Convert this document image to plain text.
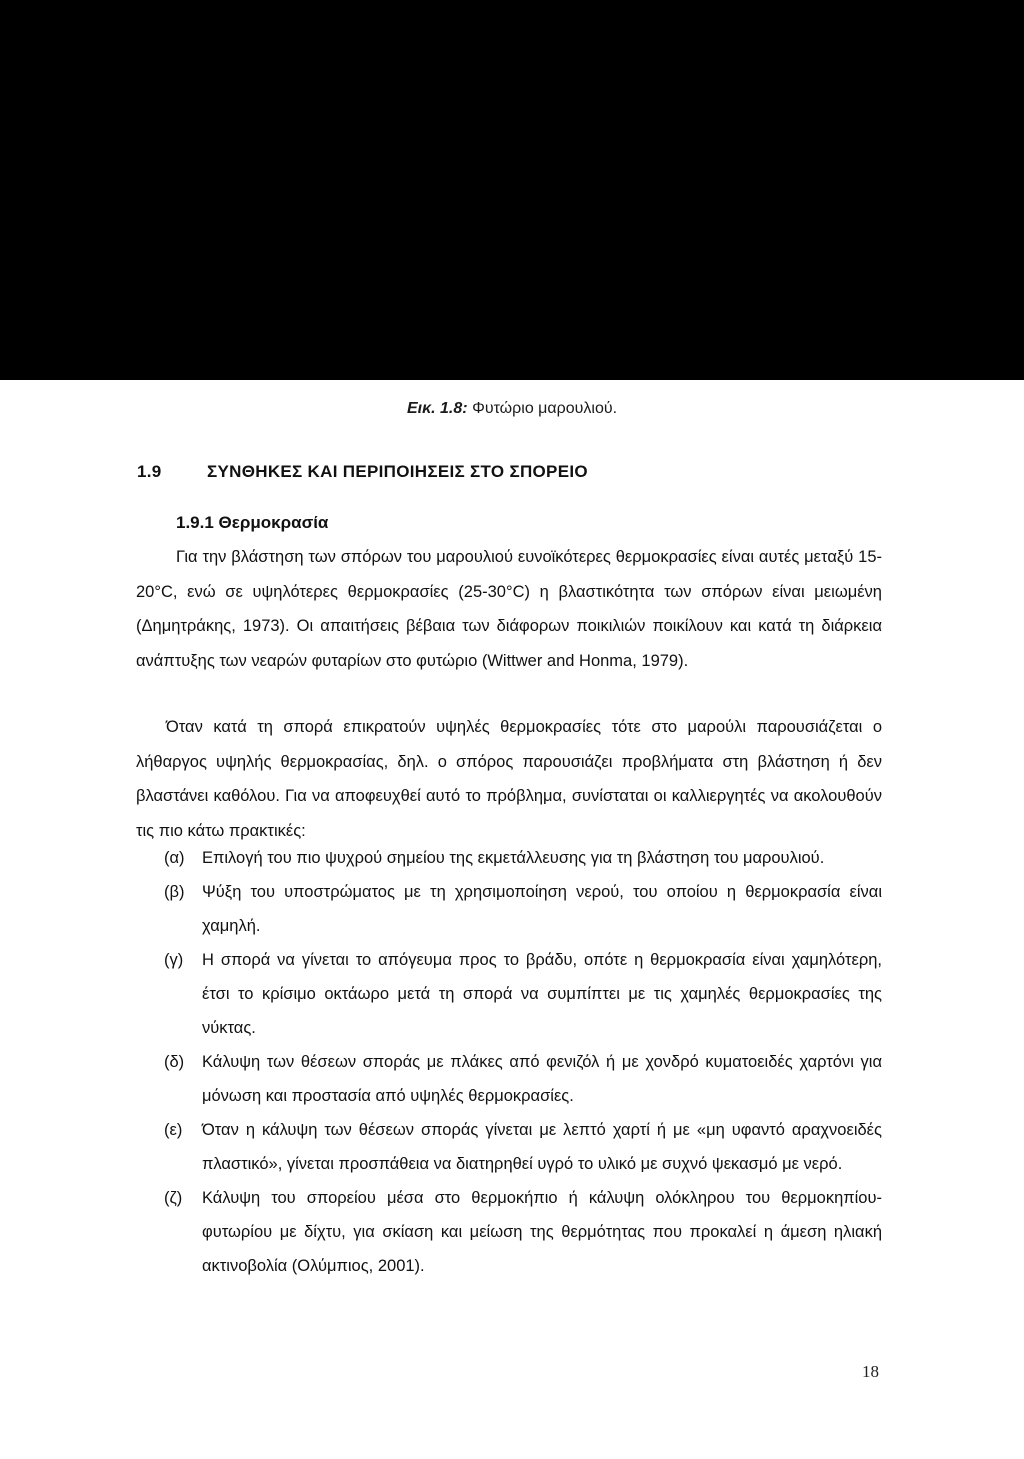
Εικ. 1.8: Φυτώριο μαρουλιού.
1.9	ΣΥΝΘΗΚΕΣ ΚΑΙ ΠΕΡΙΠΟΙΗΣΕΙΣ ΣΤΟ ΣΠΟΡΕΙΟ
1.9.1 Θερμοκρασία

Για την βλάστηση των σπόρων του μαρουλιού ευνοϊκότερες θερμοκρασίες είναι αυτές μεταξύ 15-20°C, ενώ σε υψηλότερες θερμοκρασίες (25-30°C) η βλαστικότητα των σπόρων είναι μειωμένη (Δημητράκης, 1973). Οι απαιτήσεις βέβαια των διάφορων ποικιλιών ποικίλουν και κατά τη διάρκεια ανάπτυξης των νεαρών φυταρίων στο φυτώριο (Wittwer and Honma, 1979).

Όταν κατά τη σπορά επικρατούν υψηλές θερμοκρασίες τότε στο μαρούλι παρουσιάζεται ο λήθαργος υψηλής θερμοκρασίας, δηλ. ο σπόρος παρουσιάζει προβλήματα στη βλάστηση ή δεν βλαστάνει καθόλου. Για να αποφευχθεί αυτό το πρόβλημα, συνίσταται οι καλλιεργητές να ακολουθούν τις πιο κάτω πρακτικές:

(α) Επιλογή του πιο ψυχρού σημείου της εκμετάλλευσης για τη βλάστηση του μαρουλιού.
(β) Ψύξη του υποστρώματος με τη χρησιμοποίηση νερού, του οποίου η θερμοκρασία είναι χαμηλή.
(γ) Η σπορά να γίνεται το απόγευμα προς το βράδυ, οπότε η θερμοκρασία είναι χαμηλότερη, έτσι το κρίσιμο οκτάωρο μετά τη σπορά να συμπίπτει με τις χαμηλές θερμοκρασίες της νύκτας.
(δ) Κάλυψη των θέσεων σποράς με πλάκες από φενιζόλ ή με χονδρό κυματοειδές χαρτόνι για μόνωση και προστασία από υψηλές θερμοκρασίες.
(ε) Όταν η κάλυψη των θέσεων σποράς γίνεται με λεπτό χαρτί ή με «μη υφαντό αραχνοειδές πλαστικό», γίνεται προσπάθεια να διατηρηθεί υγρό το υλικό με συχνό ψεκασμό με νερό.
(ζ) Κάλυψη του σπορείου μέσα στο θερμοκήπιο ή κάλυψη ολόκληρου του θερμοκηπίου-φυτωρίου με δίχτυ, για σκίαση και μείωση της θερμότητας που προκαλεί η άμεση ηλιακή ακτινοβολία (Ολύμπιος, 2001).
18
